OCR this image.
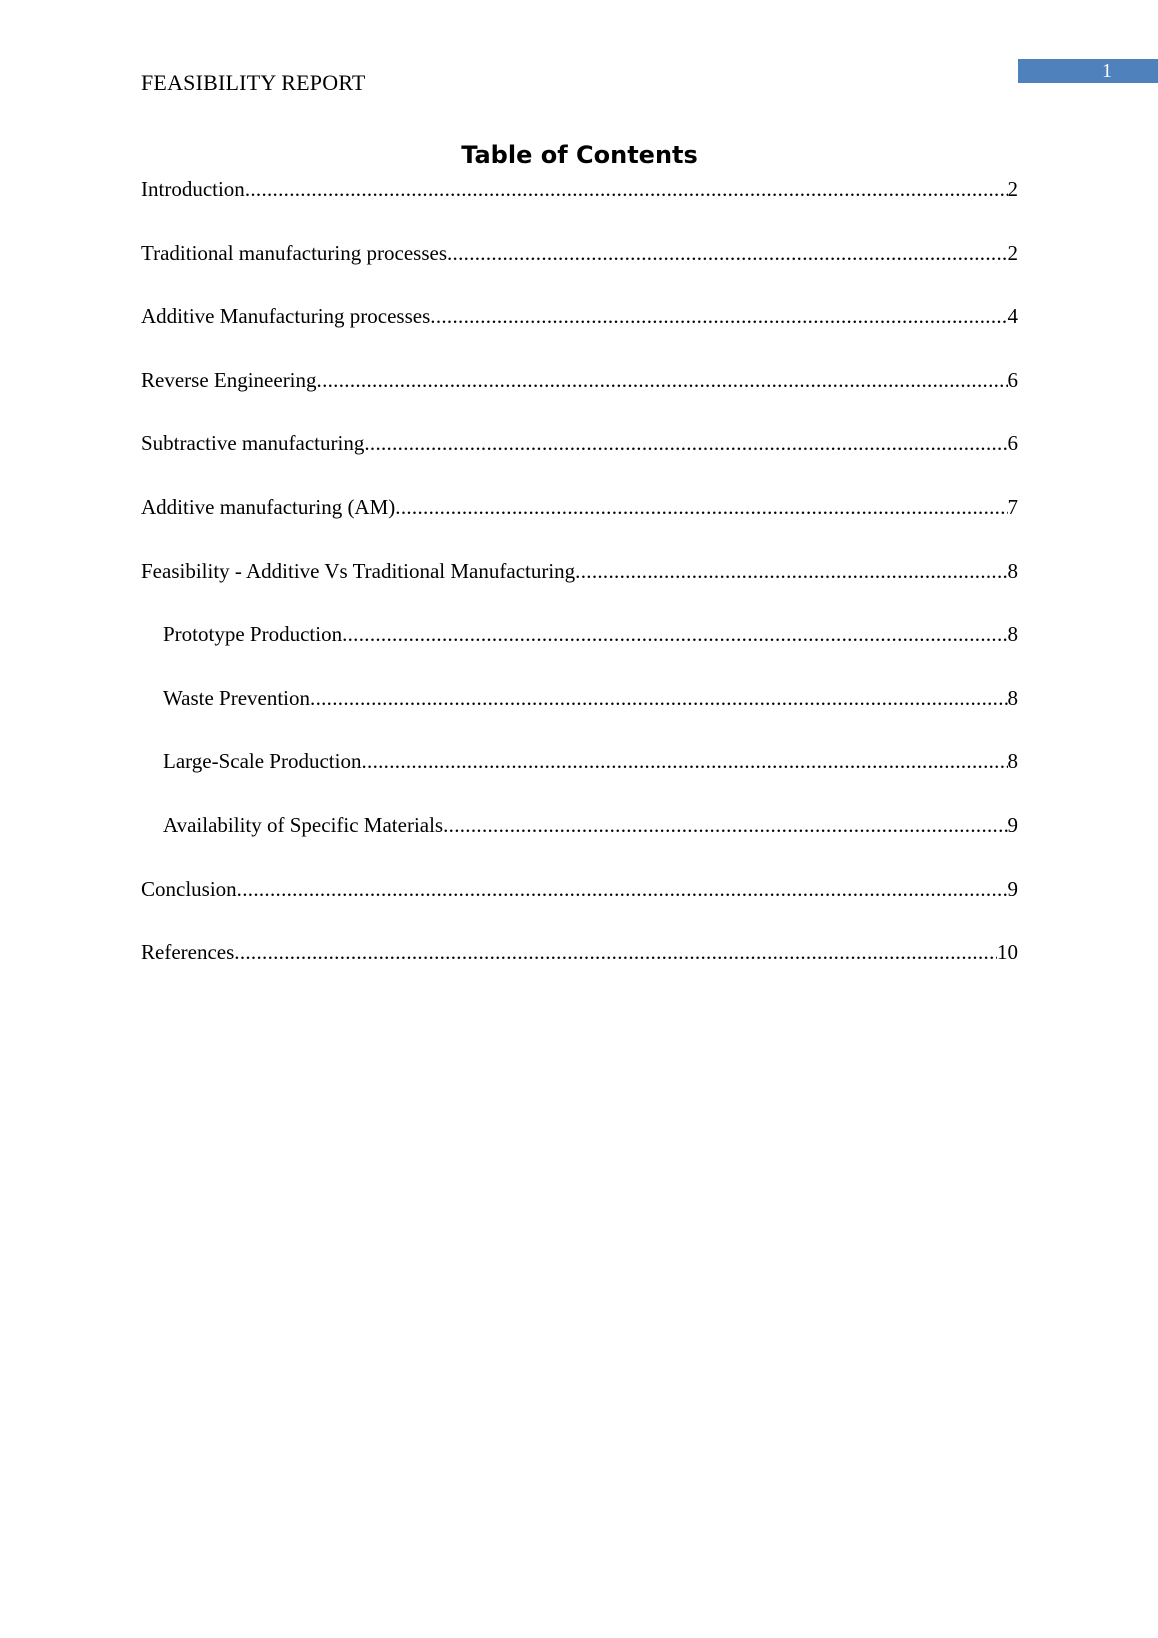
1
FEASIBILITY REPORT
Table of Contents
Introduction .....	2
Traditional manufacturing processes .....	2
Additive Manufacturing processes .....	4
Reverse Engineering .....	6
Subtractive manufacturing .....	6
Additive manufacturing (AM) .....	7
Feasibility - Additive Vs Traditional Manufacturing .....	8
Prototype Production .....	8
Waste Prevention .....	8
Large-Scale Production .....	8
Availability of Specific Materials .....	9
Conclusion .....	9
References .....	10
